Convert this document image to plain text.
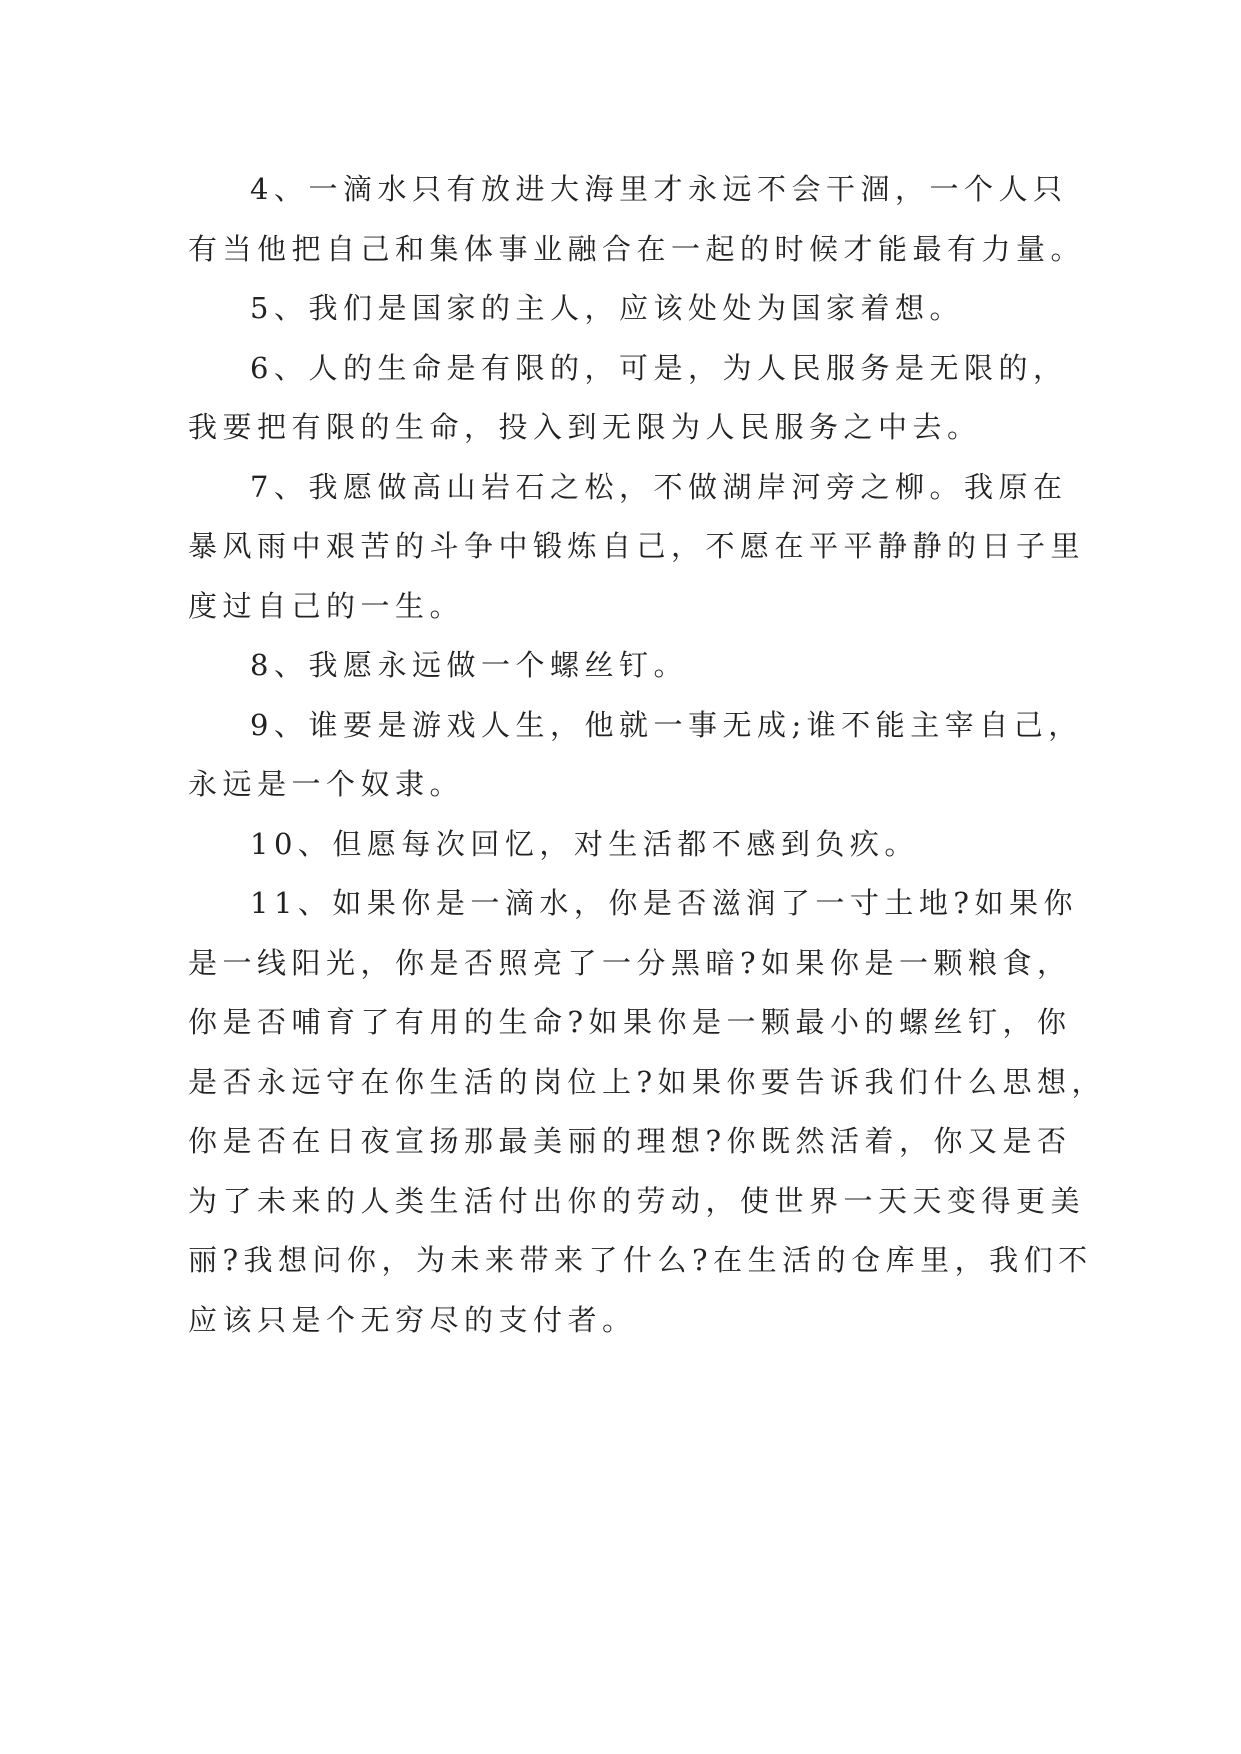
4、一滴水只有放进大海里才永远不会干涸，一个人只
有当他把自己和集体事业融合在一起的时候才能最有力量。

5、我们是国家的主人，应该处处为国家着想。

6、人的生命是有限的，可是，为人民服务是无限的，
我要把有限的生命，投入到无限为人民服务之中去。

7、我愿做高山岩石之松，不做湖岸河旁之柳。我原在
暴风雨中艰苦的斗争中锻炼自己，不愿在平平静静的日子里
度过自己的一生。

8、我愿永远做一个螺丝钉。

9、谁要是游戏人生，他就一事无成;谁不能主宰自己，
永远是一个奴隶。

10、但愿每次回忆，对生活都不感到负疚。

11、如果你是一滴水，你是否滋润了一寸土地?如果你
是一线阳光，你是否照亮了一分黑暗?如果你是一颗粮食，
你是否哺育了有用的生命?如果你是一颗最小的螺丝钉，你
是否永远守在你生活的岗位上?如果你要告诉我们什么思想，
你是否在日夜宣扬那最美丽的理想?你既然活着，你又是否
为了未来的人类生活付出你的劳动，使世界一天天变得更美
丽?我想问你，为未来带来了什么?在生活的仓库里，我们不
应该只是个无穷尽的支付者。
